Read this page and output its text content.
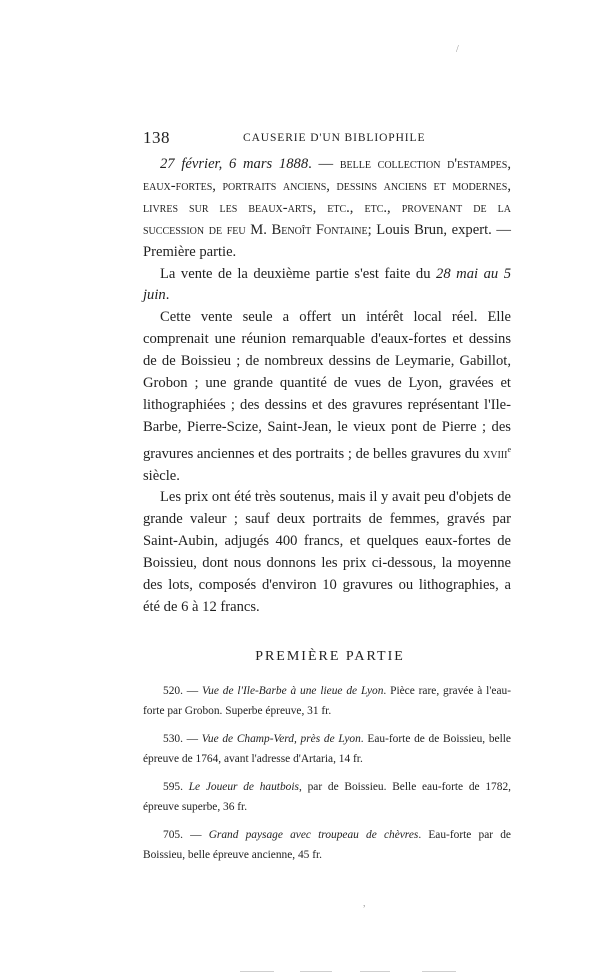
/
,
138	CAUSERIE D'UN BIBLIOPHILE

27 février, 6 mars 1888. — belle collection d'estampes, eaux-fortes, portraits anciens, dessins anciens et modernes, livres sur les beaux-arts, etc., etc., provenant de la succession de feu M. Benoît Fontaine; Louis Brun, expert. — Première partie.

La vente de la deuxième partie s'est faite du 28 mai au 5 juin.

Cette vente seule a offert un intérêt local réel. Elle comprenait une réunion remarquable d'eaux-fortes et dessins de de Boissieu ; de nombreux dessins de Leymarie, Gabillot, Grobon ; une grande quantité de vues de Lyon, gravées et lithographiées ; des dessins et des gravures représentant l'Ile-Barbe, Pierre-Scize, Saint-Jean, le vieux pont de Pierre ; des gravures anciennes et des portraits ; de belles gravures du xviii$^e$ siècle.

Les prix ont été très soutenus, mais il y avait peu d'objets de grande valeur ; sauf deux portraits de femmes, gravés par Saint-Aubin, adjugés 400 francs, et quelques eaux-fortes de Boissieu, dont nous donnons les prix ci-dessous, la moyenne des lots, composés d'environ 10 gravures ou lithographies, a été de 6 à 12 francs.

PREMIÈRE PARTIE

520. — Vue de l'Ile-Barbe à une lieue de Lyon. Pièce rare, gravée à l'eau-forte par Grobon. Superbe épreuve, 31 fr.

530. — Vue de Champ-Verd, près de Lyon. Eau-forte de de Boissieu, belle épreuve de 1764, avant l'adresse d'Artaria, 14 fr.

595. Le Joueur de hautbois, par de Boissieu. Belle eau-forte de 1782, épreuve superbe, 36 fr.

705. — Grand paysage avec troupeau de chèvres. Eau-forte par de Boissieu, belle épreuve ancienne, 45 fr.
